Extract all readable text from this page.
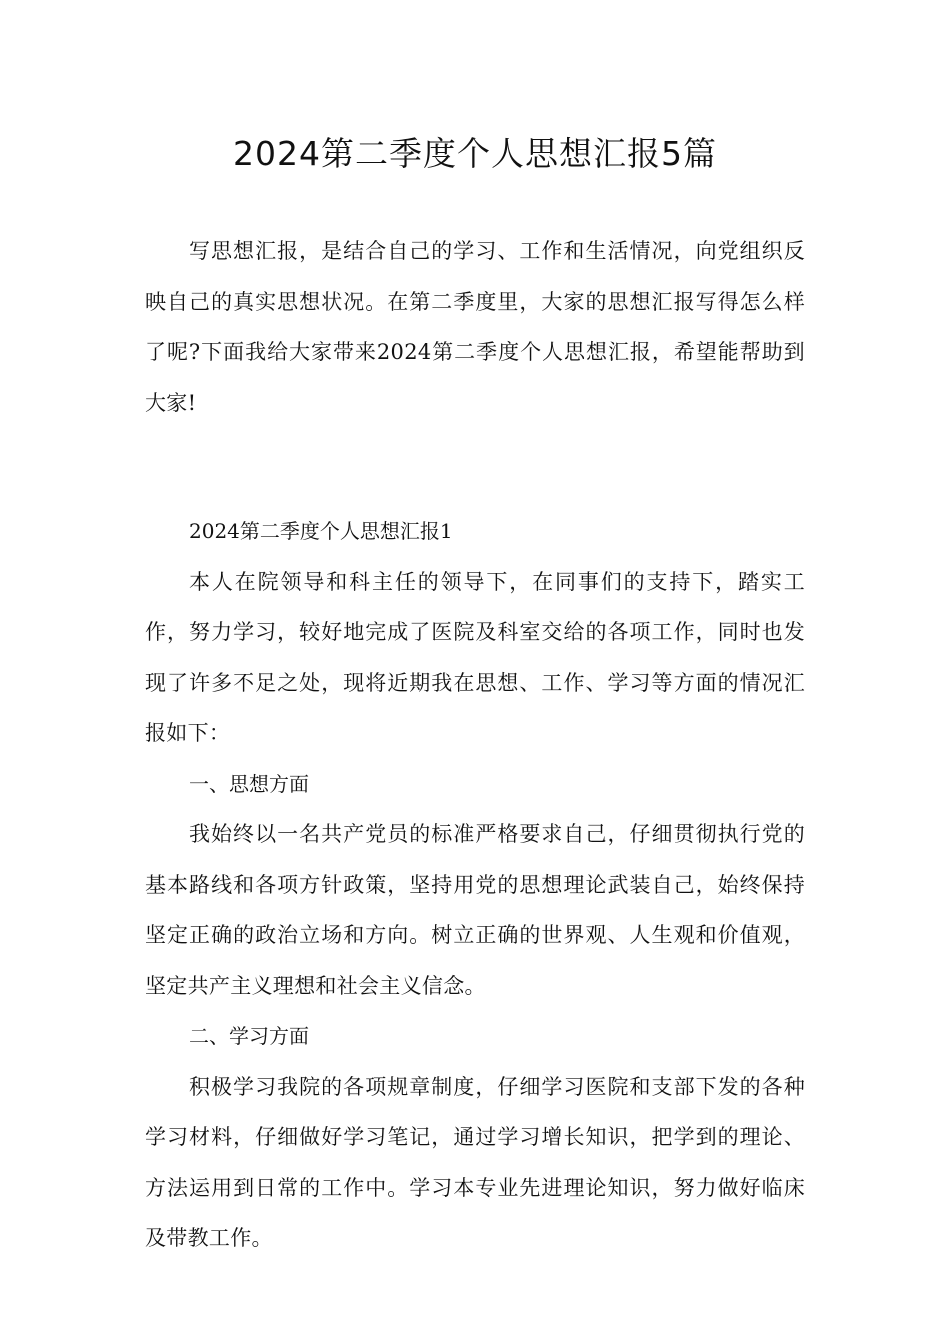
2024第二季度个人思想汇报5篇

写思想汇报，是结合自己的学习、工作和生活情况，向党组织反映自己的真实思想状况。在第二季度里，大家的思想汇报写得怎么样了呢?下面我给大家带来2024第二季度个人思想汇报，希望能帮助到大家!

2024第二季度个人思想汇报1

本人在院领导和科主任的领导下，在同事们的支持下，踏实工作，努力学习，较好地完成了医院及科室交给的各项工作，同时也发现了许多不足之处，现将近期我在思想、工作、学习等方面的情况汇报如下：

一、思想方面

我始终以一名共产党员的标准严格要求自己，仔细贯彻执行党的基本路线和各项方针政策，坚持用党的思想理论武装自己，始终保持坚定正确的政治立场和方向。树立正确的世界观、人生观和价值观，坚定共产主义理想和社会主义信念。

二、学习方面

积极学习我院的各项规章制度，仔细学习医院和支部下发的各种学习材料，仔细做好学习笔记，通过学习增长知识，把学到的理论、方法运用到日常的工作中。学习本专业先进理论知识，努力做好临床及带教工作。
